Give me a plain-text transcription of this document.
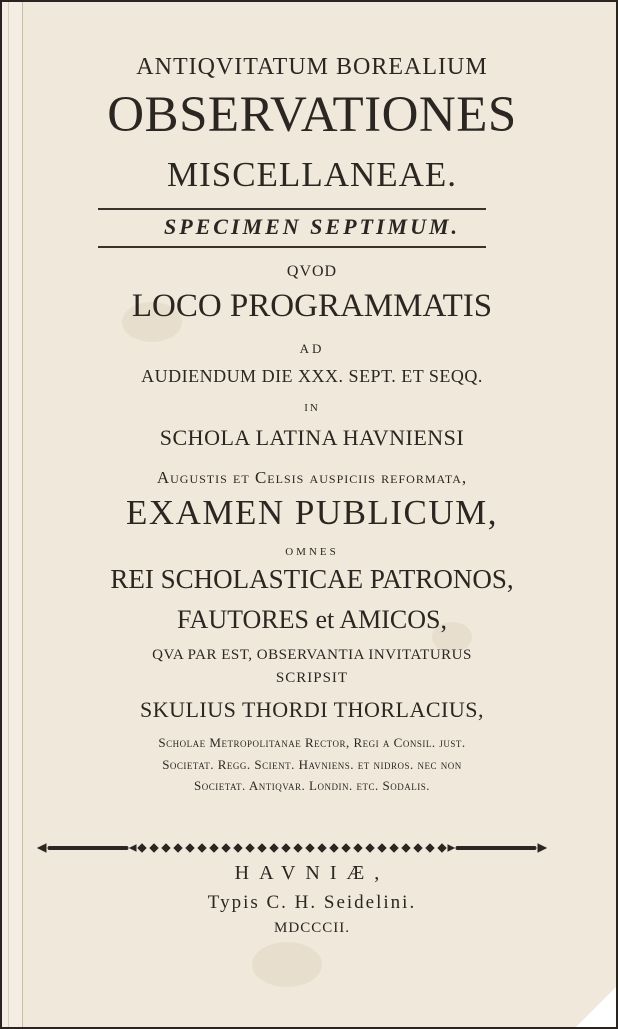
ANTIQVITATUM BOREALIUM

OBSERVATIONES

MISCELLANEAE.

SPECIMEN SEPTIMUM.

QVOD

LOCO PROGRAMMATIS

AD

AUDIENDUM DIE XXX. SEPT. ET SEQQ.

IN

SCHOLA LATINA HAVNIENSI

Augustis et Celsis auspiciis reformata,

EXAMEN PUBLICUM,

OMNES

REI SCHOLASTICAE PATRONOS,

FAUTORES et AMICOS,

QVA PAR EST, OBSERVANTIA INVITATURUS

SCRIPSIT

SKULIUS THORDI THORLACIUS,

Scholae Metropolitanae Rector, Regi a Consil. just.

Societat. Regg. Scient. Havniens. et nidros. nec non

Societat. Antiqvar. Londin. etc. Sodalis.

HAVNIÆ,

Typis C. H. Seidelini.

MDCCCII.
